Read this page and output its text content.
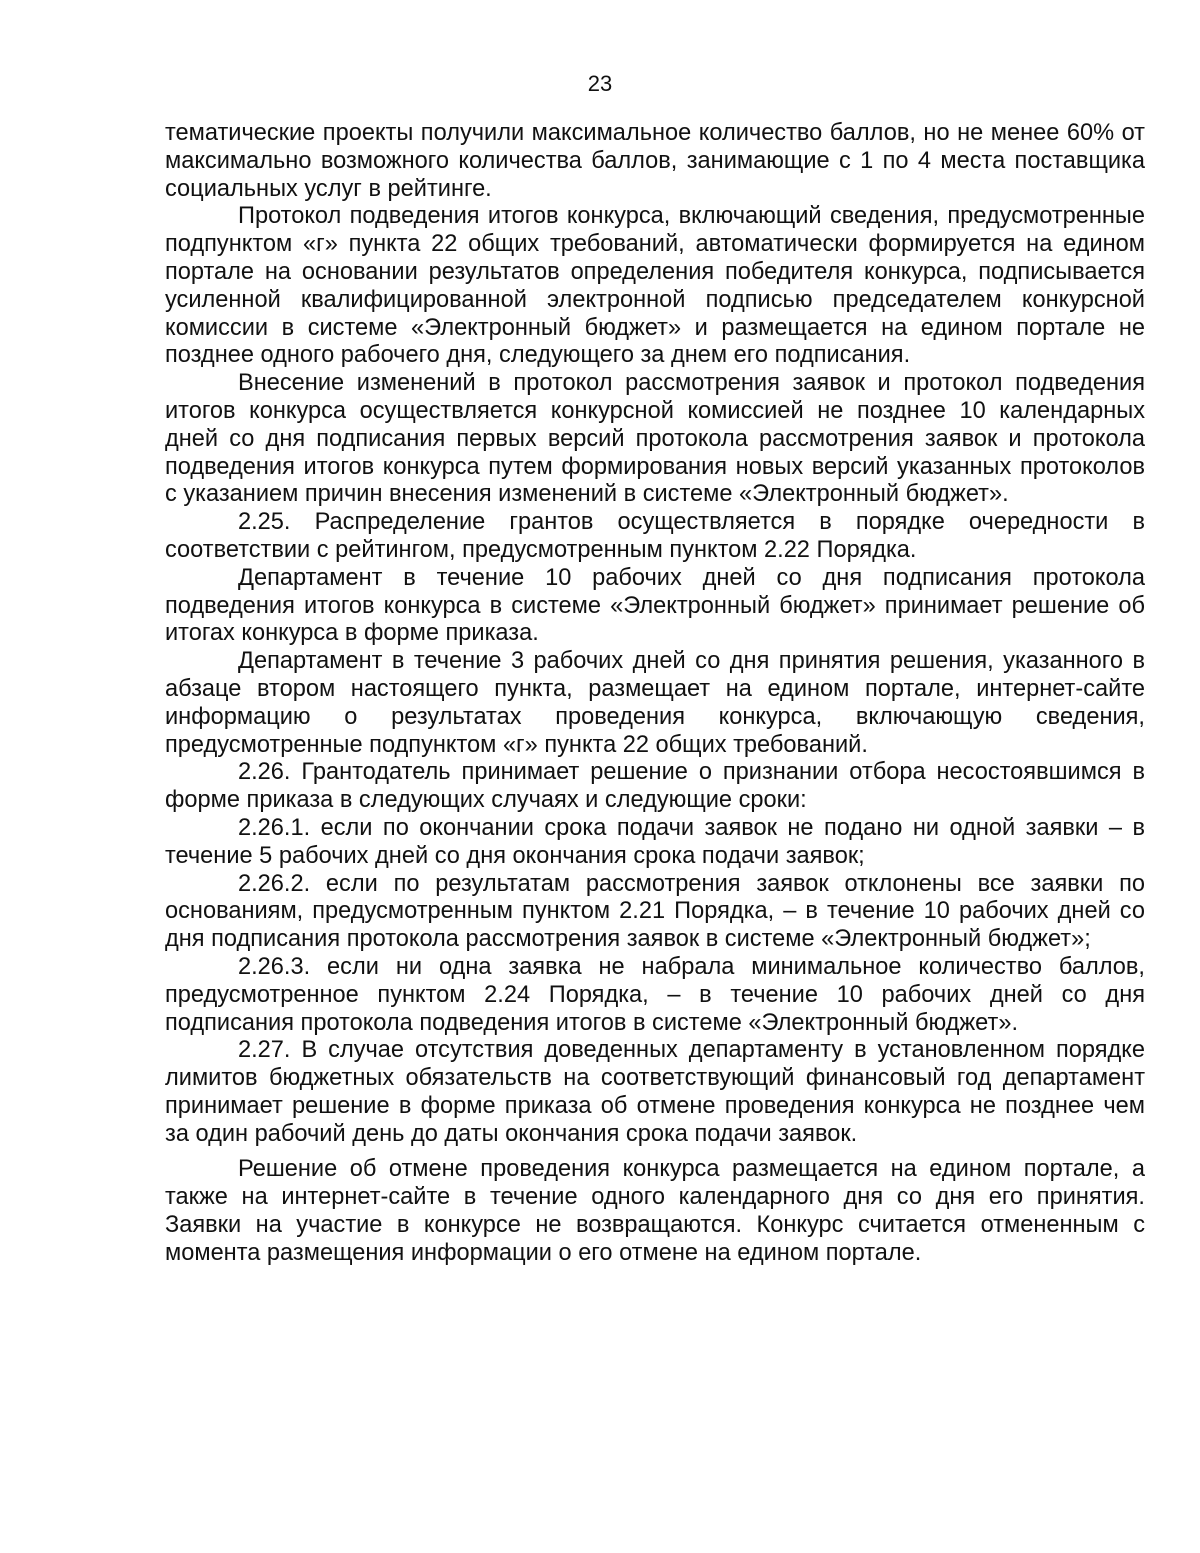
23

тематические проекты получили максимальное количество баллов, но не менее 60% от максимально возможного количества баллов, занимающие с 1 по 4 места поставщика социальных услуг в рейтинге.

Протокол подведения итогов конкурса, включающий сведения, предусмотренные подпунктом «г» пункта 22 общих требований, автоматически формируется на едином портале на основании результатов определения победителя конкурса, подписывается усиленной квалифицированной электронной подписью председателем конкурсной комиссии в системе «Электронный бюджет» и размещается на едином портале не позднее одного рабочего дня, следующего за днем его подписания.

Внесение изменений в протокол рассмотрения заявок и протокол подведения итогов конкурса осуществляется конкурсной комиссией не позднее 10 календарных дней со дня подписания первых версий протокола рассмотрения заявок и протокола подведения итогов конкурса путем формирования новых версий указанных протоколов с указанием причин внесения изменений в системе «Электронный бюджет».

2.25. Распределение грантов осуществляется в порядке очередности в соответствии с рейтингом, предусмотренным пунктом 2.22 Порядка.

Департамент в течение 10 рабочих дней со дня подписания протокола подведения итогов конкурса в системе «Электронный бюджет» принимает решение об итогах конкурса в форме приказа.

Департамент в течение 3 рабочих дней со дня принятия решения, указанного в абзаце втором настоящего пункта, размещает на едином портале, интернет-сайте информацию о результатах проведения конкурса, включающую сведения, предусмотренные подпунктом «г» пункта 22 общих требований.

2.26. Грантодатель принимает решение о признании отбора несостоявшимся в форме приказа в следующих случаях и следующие сроки:

2.26.1. если по окончании срока подачи заявок не подано ни одной заявки – в течение 5 рабочих дней со дня окончания срока подачи заявок;

2.26.2. если по результатам рассмотрения заявок отклонены все заявки по основаниям, предусмотренным пунктом 2.21 Порядка, – в течение 10 рабочих дней со дня подписания протокола рассмотрения заявок в системе «Электронный бюджет»;

2.26.3. если ни одна заявка не набрала минимальное количество баллов, предусмотренное пунктом 2.24 Порядка, – в течение 10 рабочих дней со дня подписания протокола подведения итогов в системе «Электронный бюджет».

2.27. В случае отсутствия доведенных департаменту в установленном порядке лимитов бюджетных обязательств на соответствующий финансовый год департамент принимает решение в форме приказа об отмене проведения конкурса не позднее чем за один рабочий день до даты окончания срока подачи заявок.

Решение об отмене проведения конкурса размещается на едином портале, а также на интернет-сайте в течение одного календарного дня со дня его принятия. Заявки на участие в конкурсе не возвращаются. Конкурс считается отмененным с момента размещения информации о его отмене на едином портале.
